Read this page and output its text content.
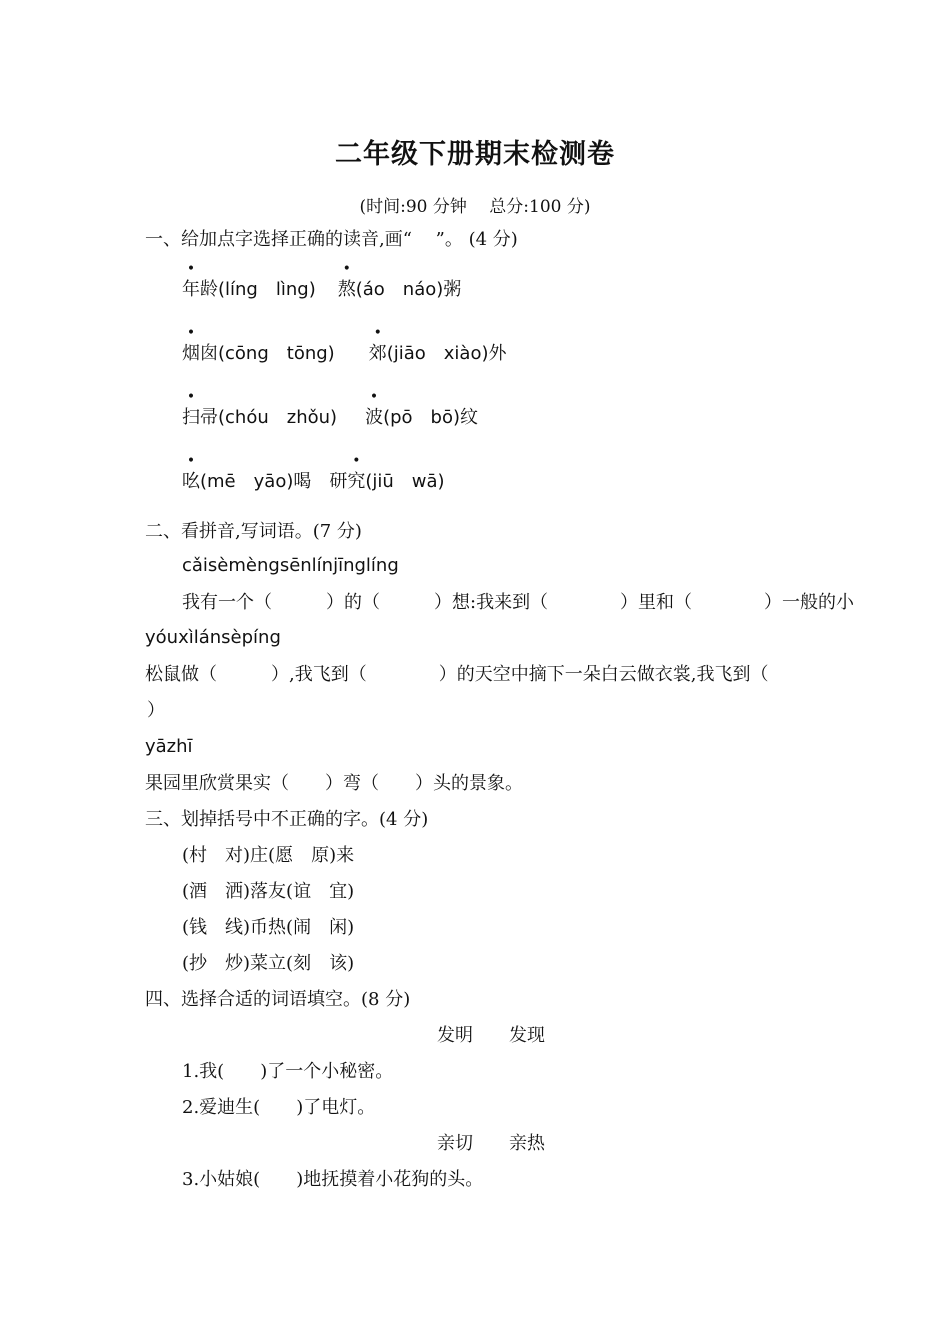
二年级下册期末检测卷
(时间:90 分钟　 总分:100 分)
一、给加点字选择正确的读音,画“　 ”。 (4 分)
•
年龄(líng　lìng)
•
熬(áo　náo)粥
•
烟囱(cōng　tōng)
•
郊(jiāo　xiào)外
•
扫帚(chóu　zhǒu)
•
波(pō　bō)纹
•
吆(mē　yāo)喝　研
•
究(jiū　wā)
二、看拼音,写词语。(7 分)
cǎisèmèngsēnlínjīnglíng
我有一个（　　　）的（　　　）想:我来到（　　　　）里和（　　　　）一般的小
yóuxìlánsèpíng
松鼠做（　　　）,我飞到（　　　　）的天空中摘下一朵白云做衣裳,我飞到（
）
yāzhī
果园里欣赏果实（　　）弯（　　）头的景象。
三、划掉括号中不正确的字。(4 分)
(村　对)庄(愿　原)来
(酒　洒)落友(谊　宜)
(钱　线)币热(闹　闲)
(抄　炒)菜立(刻　该)
四、选择合适的词语填空。(8 分)
发明　　发现
1.我(　　)了一个小秘密。
2.爱迪生(　　)了电灯。
亲切　　亲热
3.小姑娘(　　)地抚摸着小花狗的头。
